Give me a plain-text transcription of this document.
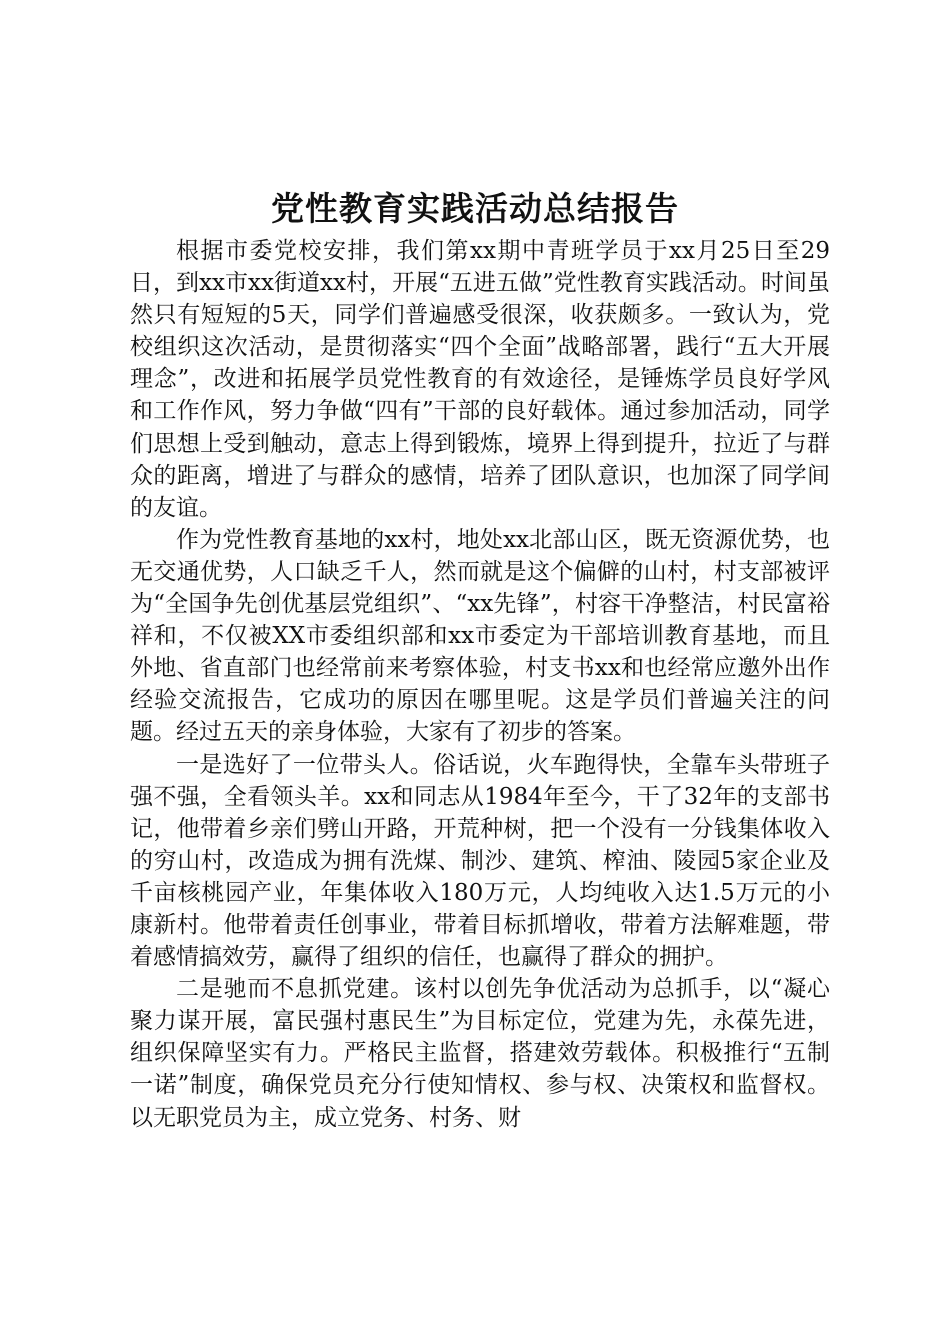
党性教育实践活动总结报告

根据市委党校安排，我们第xx期中青班学员于xx月25日至29日，到xx市xx街道xx村，开展“五进五做”党性教育实践活动。时间虽然只有短短的5天，同学们普遍感受很深，收获颇多。一致认为，党校组织这次活动，是贯彻落实“四个全面”战略部署，践行“五大开展理念”，改进和拓展学员党性教育的有效途径，是锤炼学员良好学风和工作作风，努力争做“四有”干部的良好载体。通过参加活动，同学们思想上受到触动，意志上得到锻炼，境界上得到提升，拉近了与群众的距离，增进了与群众的感情，培养了团队意识，也加深了同学间的友谊。

作为党性教育基地的xx村，地处xx北部山区，既无资源优势，也无交通优势，人口缺乏千人，然而就是这个偏僻的山村，村支部被评为“全国争先创优基层党组织”、“xx先锋”，村容干净整洁，村民富裕祥和，不仅被XX市委组织部和xx市委定为干部培训教育基地，而且外地、省直部门也经常前来考察体验，村支书xx和也经常应邀外出作经验交流报告，它成功的原因在哪里呢。这是学员们普遍关注的问题。经过五天的亲身体验，大家有了初步的答案。

一是选好了一位带头人。俗话说，火车跑得快，全靠车头带班子强不强，全看领头羊。xx和同志从1984年至今，干了32年的支部书记，他带着乡亲们劈山开路，开荒种树，把一个没有一分钱集体收入的穷山村，改造成为拥有洗煤、制沙、建筑、榨油、陵园5家企业及千亩核桃园产业，年集体收入180万元，人均纯收入达1.5万元的小康新村。他带着责任创事业，带着目标抓增收，带着方法解难题，带着感情搞效劳，赢得了组织的信任，也赢得了群众的拥护。

二是驰而不息抓党建。该村以创先争优活动为总抓手，以“凝心聚力谋开展，富民强村惠民生”为目标定位，党建为先，永葆先进，组织保障坚实有力。严格民主监督，搭建效劳载体。积极推行“五制一诺”制度，确保党员充分行使知情权、参与权、决策权和监督权。以无职党员为主，成立党务、村务、财
